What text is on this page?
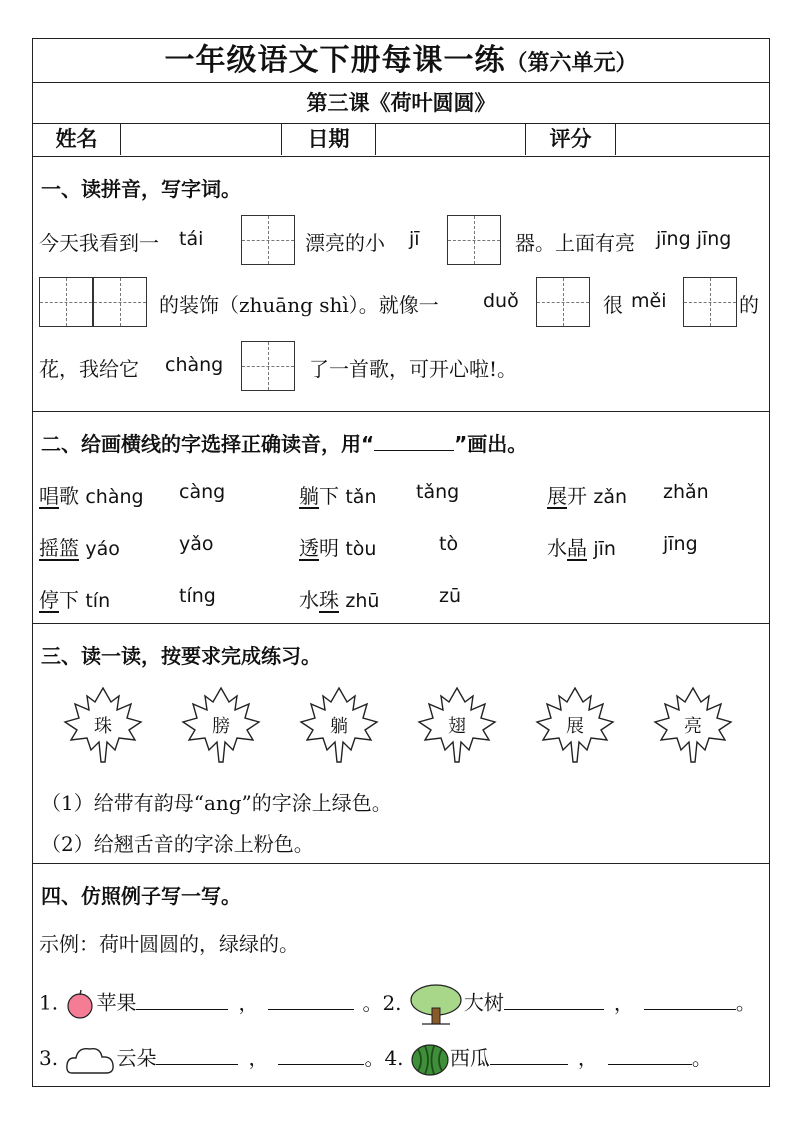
一年级语文下册每课一练（第六单元）
第三课《荷叶圆圆》
姓名	日期	评分
一、读拼音，写字词。
今天我看到一 tái	漂亮的小 jī	器。上面有亮 jīng jīng
的装饰（zhuāng shì）。就像一 duǒ	很 měi	的
花，我给它 chàng	了一首歌，可开心啦!。
二、给画横线的字选择正确读音，用“	”画出。
唱歌 chàng càng	躺下 tǎn tǎng	展开 zǎn zhǎn
摇篮 yáo	yǎo	透明 tòu	tò	水晶 jīn jīng
停下 tín	tíng	水珠 zhū	zū
三、读一读，按要求完成练习。
珠	膀	躺	翅	展	亮
（1）给带有韵母“ang”的字涂上绿色。
（2）给翘舌音的字涂上粉色。
四、仿照例子写一写。
示例：荷叶圆圆的，绿绿的。
1. 苹果	，	。2.	大树	，	。
3.	云朵	，	。4. 西瓜	，	。
